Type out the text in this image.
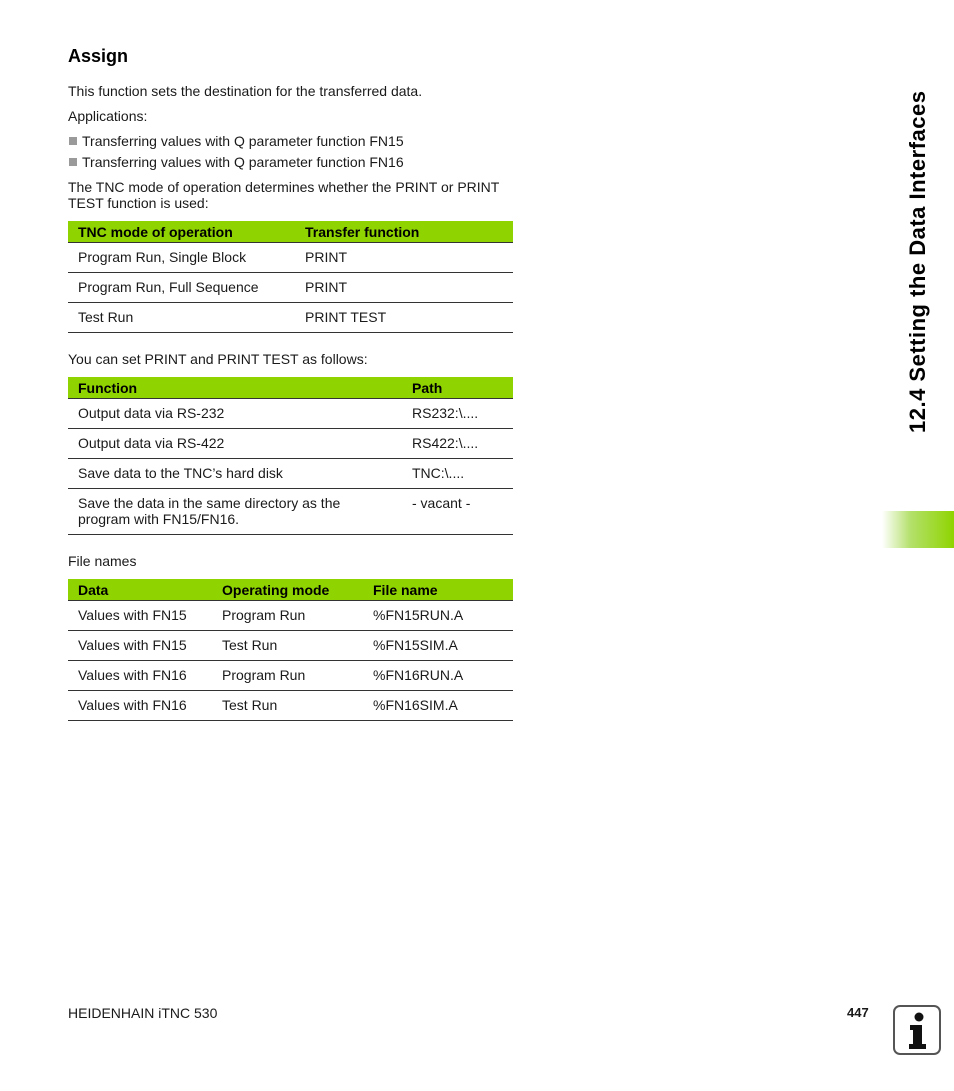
Assign

This function sets the destination for the transferred data.

Applications:

Transferring values with Q parameter function FN15
Transferring values with Q parameter function FN16

The TNC mode of operation determines whether the PRINT or PRINT TEST function is used:

TNC mode of operation	Transfer function
Program Run, Single Block	PRINT
Program Run, Full Sequence	PRINT
Test Run	PRINT TEST

You can set PRINT and PRINT TEST as follows:

Function	Path
Output data via RS-232	RS232:\....
Output data via RS-422	RS422:\....
Save data to the TNC’s hard disk	TNC:\....
Save the data in the same directory as the program with FN15/FN16.	- vacant -

File names

Data	Operating mode	File name
Values with FN15	Program Run	%FN15RUN.A
Values with FN15	Test Run	%FN15SIM.A
Values with FN16	Program Run	%FN16RUN.A
Values with FN16	Test Run	%FN16SIM.A
12.4 Setting the Data Interfaces
HEIDENHAIN iTNC 530	447
